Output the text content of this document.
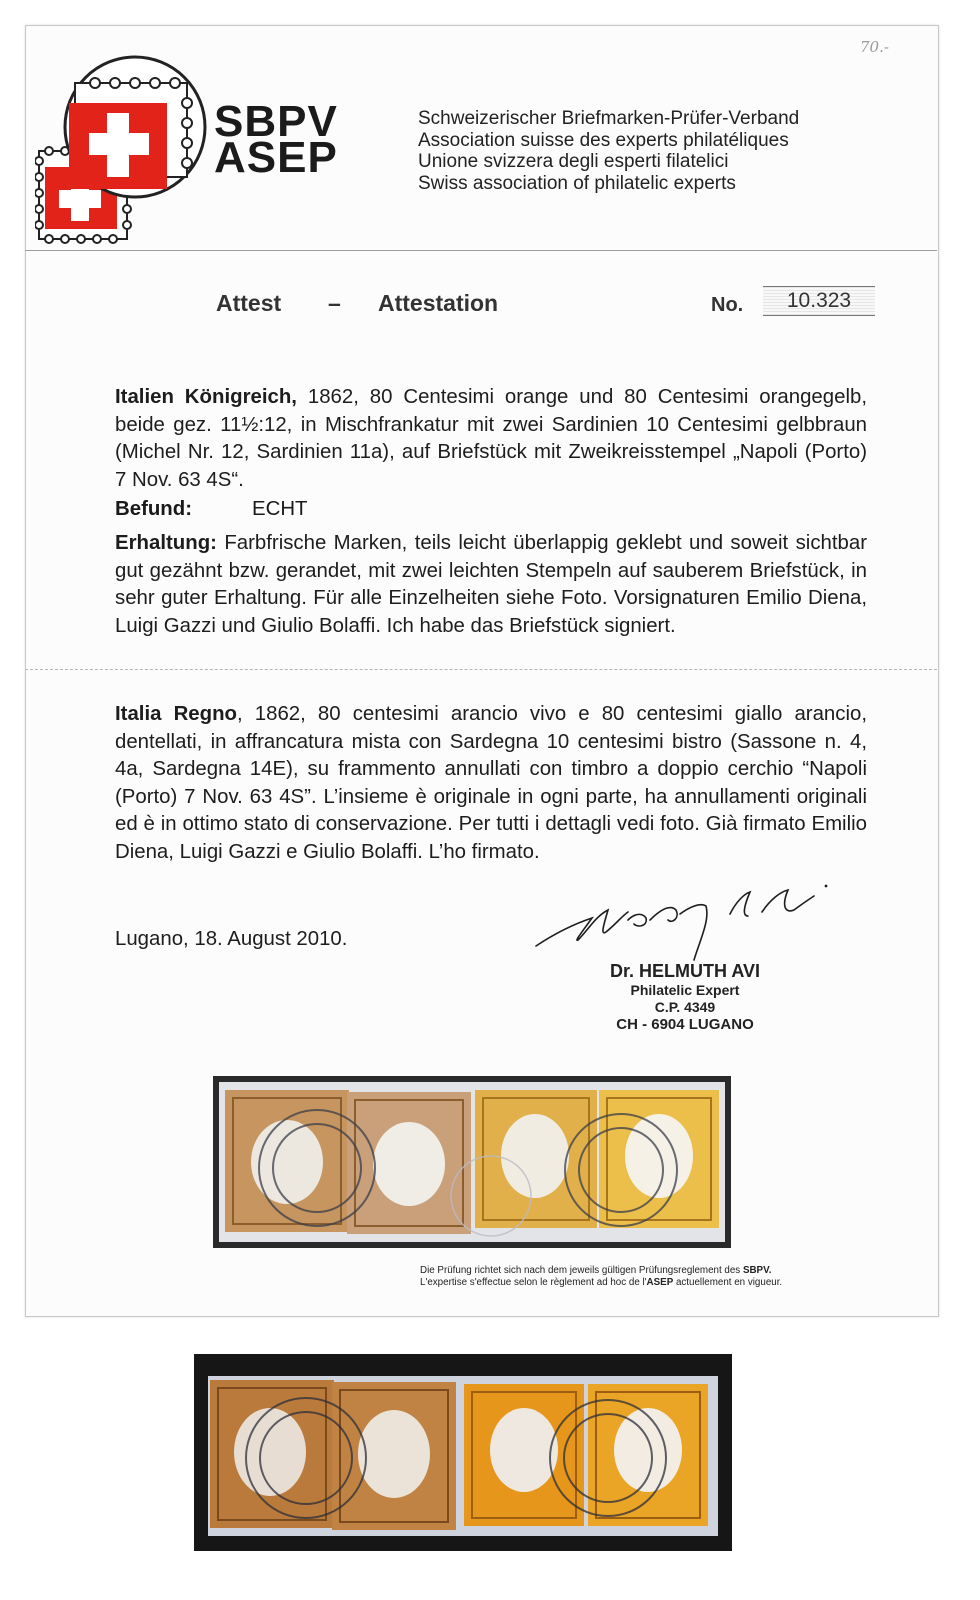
70.-
SBPV
ASEP
Schweizerischer Briefmarken-Prüfer-Verband
Association suisse des experts philatéliques
Unione svizzera degli esperti filatelici
Swiss association of philatelic experts
Attest – Attestation	No.	10.323
Italien Königreich, 1862, 80 Centesimi orange und 80 Centesimi orangegelb, beide gez. 11½:12, in Mischfrankatur mit zwei Sardinien 10 Centesimi gelbbraun (Michel Nr. 12, Sardinien 11a), auf Briefstück mit Zweikreisstempel „Napoli (Porto) 7 Nov. 63 4S“.
Befund:	ECHT
Erhaltung: Farbfrische Marken, teils leicht überlappig geklebt und soweit sichtbar gut gezähnt bzw. gerandet, mit zwei leichten Stempeln auf sauberem Briefstück, in sehr guter Erhaltung. Für alle Einzelheiten siehe Foto. Vorsignaturen Emilio Diena, Luigi Gazzi und Giulio Bolaffi. Ich habe das Briefstück signiert.
Italia Regno, 1862, 80 centesimi arancio vivo e 80 centesimi giallo arancio, dentellati, in affrancatura mista con Sardegna 10 centesimi bistro (Sassone n. 4, 4a, Sardegna 14E), su frammento annullati con timbro a doppio cerchio “Napoli (Porto) 7 Nov. 63 4S”. L’insieme è originale in ogni parte, ha annullamenti originali ed è in ottimo stato di conservazione. Per tutti i dettagli vedi foto. Già firmato Emilio Diena, Luigi Gazzi e Giulio Bolaffi. L’ho firmato.
Lugano, 18. August 2010.
Dr. HELMUTH AVI
Philatelic Expert
C.P. 4349
CH - 6904 LUGANO
Die Prüfung richtet sich nach dem jeweils gültigen Prüfungsreglement des SBPV.
L'expertise s'effectue selon le règlement ad hoc de l'ASEP actuellement en vigueur.
